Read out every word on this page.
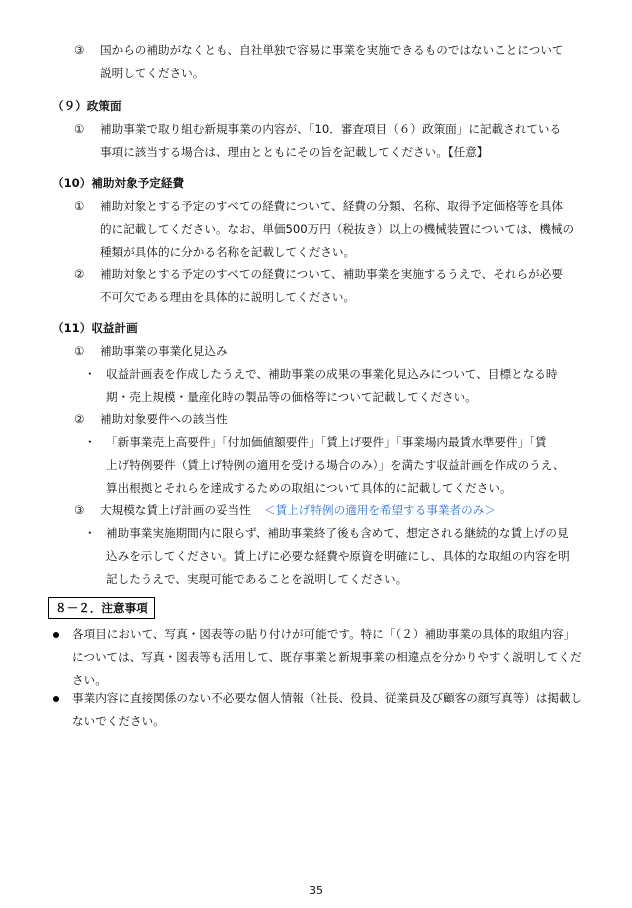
③ 国からの補助がなくとも、自社単独で容易に事業を実施できるものではないことについて
説明してください。
（９）政策面
① 補助事業で取り組む新規事業の内容が、「10．審査項目（６）政策面」に記載されている
事項に該当する場合は、理由とともにその旨を記載してください。【任意】
（10）補助対象予定経費
① 補助対象とする予定のすべての経費について、経費の分類、名称、取得予定価格等を具体
的に記載してください。なお、単価500万円（税抜き）以上の機械装置については、機械の
種類が具体的に分かる名称を記載してください。
② 補助対象とする予定のすべての経費について、補助事業を実施するうえで、それらが必要
不可欠である理由を具体的に説明してください。
（11）収益計画
① 補助事業の事業化見込み
・ 収益計画表を作成したうえで、補助事業の成果の事業化見込みについて、目標となる時
期・売上規模・量産化時の製品等の価格等について記載してください。
② 補助対象要件への該当性
・ 「新事業売上高要件」「付加価値額要件」「賃上げ要件」「事業場内最賃水準要件」「賃
上げ特例要件（賃上げ特例の適用を受ける場合のみ）」を満たす収益計画を作成のうえ、
算出根拠とそれらを達成するための取組について具体的に記載してください。
③ 大規模な賃上げ計画の妥当性 ＜賃上げ特例の適用を希望する事業者のみ＞
・ 補助事業実施期間内に限らず、補助事業終了後も含めて、想定される継続的な賃上げの見
込みを示してください。賃上げに必要な経費や原資を明確にし、具体的な取組の内容を明
記したうえで、実現可能であることを説明してください。
８－２．注意事項
各項目において、写真・図表等の貼り付けが可能です。特に「（２）補助事業の具体的取組内容」
については、写真・図表等も活用して、既存事業と新規事業の相違点を分かりやすく説明してくだ
さい。
事業内容に直接関係のない不必要な個人情報（社長、役員、従業員及び顧客の顔写真等）は掲載し
ないでください。
35
